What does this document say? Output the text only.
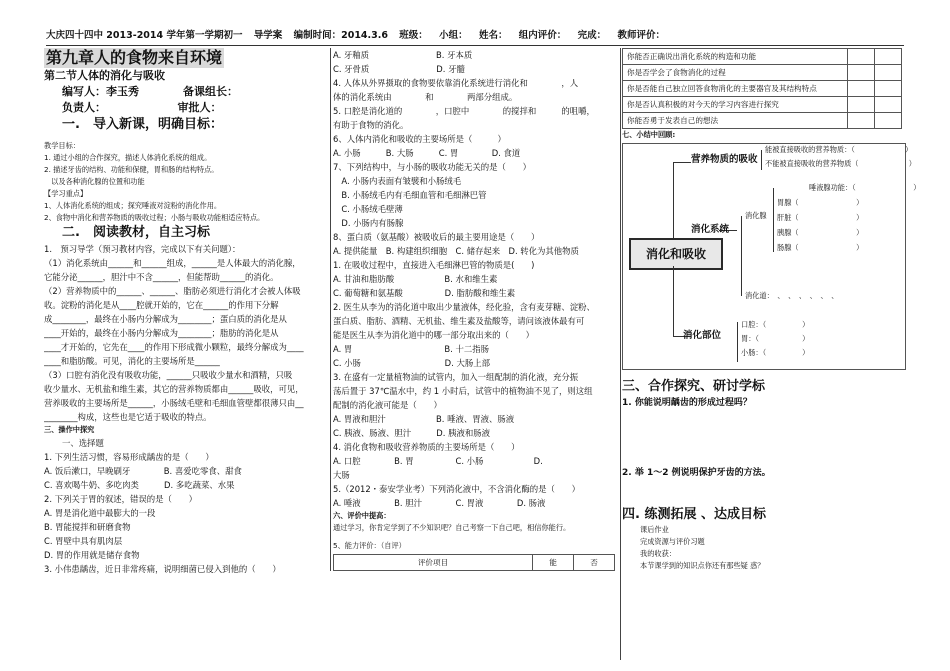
大庆四十四中 2013-2014 学年第一学期初一 导学案 编制时间：2014.3.6 班级： 小组： 姓名： 组内评价： 完成： 教师评价：
第九章人的食物来自环境
第二节人体的消化与吸收
编写人：李玉秀　　　　备课组长：
负责人：　　　　　　　审批人：
一.　导入新课，明确目标：
教学目标：
1. 通过小组的合作探究，描述人体消化系统的组成。
2. 描述牙齿的结构、功能和保健，胃和肠的结构特点。
　以及各种消化腺的位置和功能
【学习重点】
1、人体消化系统的组成；探究唾液对淀粉的消化作用。
2、食物中消化和营养物质的吸收过程；小肠与吸收功能相适应特点。
二.　阅读教材，自主习标
1.　预习导学（预习教材内容，完成以下有关问题）：
（1）消化系统由______和______组成，______是人体最大的消化腺，
它能分泌______，胆汁中不含______，但能帮助______的消化。
（2）营养物质中的______、______、脂肪必须进行消化才会被人体吸
收。淀粉的消化是从____腔就开始的，它在______的作用下分解
成________，最终在小肠内分解成为________；蛋白质的消化是从
____开始的，最终在小肠内分解成为________；脂肪的消化是从
____才开始的，它先在____的作用下形成微小颗粒，最终分解成为____
____和脂肪酸。可见，消化的主要场所是______
（3）口腔有消化没有吸收功能，______只吸收少量水和酒精，只吸
收少量水、无机盐和维生素，其它的营养物质都由______吸收，可见，
营养吸收的主要场所是______，小肠绒毛壁和毛细血管壁都很薄只由__
________构成，这些也是它适于吸收的特点。
三、操作中探究
一、选择题
1. 下列生活习惯，容易形成龋齿的是（　　）
A. 饭后漱口，早晚刷牙　　　　B. 喜爱吃零食、甜食
C. 喜欢喝牛奶、多吃肉类　　　D. 多吃蔬菜、水果
2. 下列关于胃的叙述，错误的是（　　）
A. 胃是消化道中最膨大的一段
B. 胃能搅拌和研磨食物
C. 胃壁中具有肌肉层
D. 胃的作用就是储存食物
3. 小伟患龋齿，近日非常疼痛，说明细菌已侵入到他的（　　）
A. 牙釉质　　　　　　　　B. 牙本质
C. 牙骨质　　　　　　　　D. 牙髓
4. 人体从外界摄取的食物要依靠消化系统进行消化和　　　　，人
体的消化系统由　　　　和　　　　两部分组成。
5. 口腔是消化道的　　　　，口腔中　　　　的搅拌和　　　的咀嚼，
有助于食物的消化。
6、人体内消化和吸收的主要场所是（　　　）
A. 小肠　　　B. 大肠　　　C. 胃　　　　D. 食道
7、下列结构中，与小肠的吸收功能无关的是（　　）
　A. 小肠内表面有皱襞和小肠绒毛
　B. 小肠绒毛内有毛细血管和毛细淋巴管
　C. 小肠绒毛壁薄
　D. 小肠内有肠腺
8、蛋白质（氨基酸）被吸收后的最主要用途是（　　）
A. 提供能量　B. 构建组织细胞　C. 储存起来　D. 转化为其他物质
1. 在吸收过程中，直接进入毛细淋巴管的物质是(　　)
A. 甘油和脂肪酸　　　　　　B. 水和维生素
C. 葡萄糖和氨基酸　　　　　D. 脂肪酸和维生素
2. 医生从李为的消化道中取出少量液体，经化验，含有麦芽糖、淀粉、
蛋白质、脂肪、酒精、无机盐、维生素及盐酸等，请问该液体最有可
能是医生从李为消化道中的哪一部分取出来的（　　）
A. 胃　　　　　　　　　　　B. 十二指肠
C. 小肠　　　　　　　　　　D. 大肠上部
3. 在盛有一定量植物油的试管内，加入一组配制的消化液，充分振
荡后置于 37℃温水中，约 1 小时后，试管中的植物油不见了，则这组
配制的消化液可能是（　　）
A. 胃液和胆汁　　　　　　B. 唾液、胃液、肠液
C. 胰液、肠液、胆汁　　　D. 胰液和肠液
4. 消化食物和吸收营养物质的主要场所是（　　）
A. 口腔　　　　B. 胃　　　　　C. 小肠　　　　　　D.
大肠
5.（2012・泰安学业考）下列消化液中，不含消化酶的是（　　）
A. 唾液　　　　B. 胆汁　　　　C. 胃液　　　　D. 肠液
六、评价中提高：
通过学习，你肯定学到了不少知识吧？自己考察一下自己吧，相信你能行。
5、能力评价：（自评）
评价项目	能	否
你能否正确说出消化系统的构造和功能		
你是否学会了食物消化的过程		
你是否能自己独立回答食物消化的主要器官及其结构特点		
你是否认真积极的对今天的学习内容进行探究		
你能否勇于发表自己的想法		
七、小结中回顾:
消化和吸收
营养物质的吸收
能被直接吸收的营养物质：（　　　　　　　）
不能被直接吸收的营养物质（　　　　　　　）
消化系统
消化腺
唾液腺功能：（　　　　　　　　）
胃腺（　　　　　　　　）
肝脏（　　　　　　　　）
胰腺（　　　　　　　　）
肠腺（　　　　　　　　）
消化道：　、　、　、　、　、　、
消化部位
口腔：（　　　　　）
胃：（　　　　　　）
小肠：（　　　　　）
三、合作探究、研讨学标
1. 你能说明龋齿的形成过程吗？
2. 举 1～2 例说明保护牙齿的方法。
四. 练测拓展 、达成目标
课后作业
完成资源与评价习题
我的收获：
本节课学到的知识点你还有那些疑 惑？
